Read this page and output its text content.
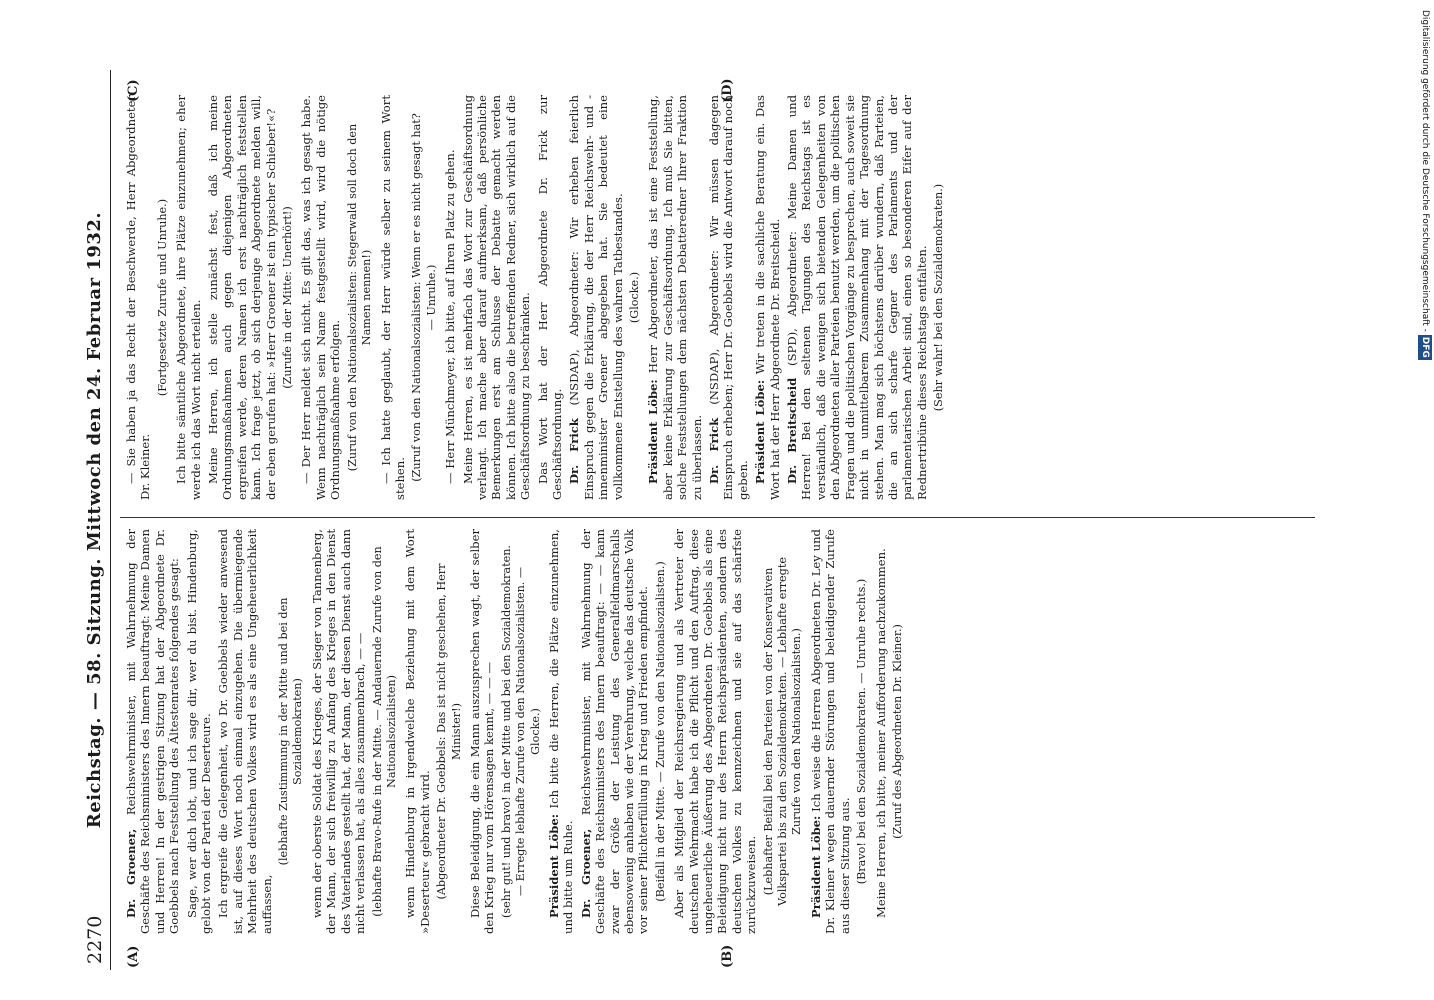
2270
Reichstag. — 58. Sitzung. Mittwoch den 24. Februar 1932.
(A)	(B)
(C)	(D)
Dr. Groener, Reichswehrminister, mit Wahrnehmung der Geschäfte des Reichsministers des Innern beauftragt: Meine Damen und Herren! In der gestrigen Sitzung hat der Abgeordnete Dr. Goebbels nach Feststellung des Ältestenrates folgendes gesagt: Sage, wer dich lobt, und ich sage dir, wer du bist. Hindenburg, gelobt von der Partei der Deserteure. Ich ergreife die Gelegenheit, wo Dr. Goebbels wieder anwesend ist, auf dieses Wort noch einmal einzugehen. Die übermiegende Mehrheit des deutschen Volkes wird es als eine Ungeheuerlichkeit auffassen,
(lebhafte Zustimmung in der Mitte und bei den Sozialdemokraten) wenn der oberste Soldat des Krieges, der Sieger von Tannenberg, der Mann, der sich freiwillig zu Anfang des Krieges in den Dienst des Vaterlandes gestellt hat, der Mann, der diesen Dienst auch dann nicht verlassen hat, als alles zusammenbrach, — — (lebhafte Bravo-Rufe in der Mitte. — Andauernde Zurufe von den Nationalsozialisten) wenn Hindenburg in irgendwelche Beziehung mit dem Wort »Deserteur« gebracht wird. (Abgeordneter Dr. Goebbels: Das ist nicht geschehen, Herr Minister!) Diese Beleidigung, die ein Mann auszusprechen wagt, der selber den Krieg nur vom Hörensagen kennt, — — — (sehr gut! und bravo! in der Mitte und bei den Sozialdemokraten. — Erregte lebhafte Zurufe von den Nationalsozialisten. — Glocke.)
Präsident Löbe: Ich bitte die Herren, die Plätze einzunehmen, und bitte um Ruhe. Dr. Groener, Reichswehrminister, mit Wahrnehmung der Geschäfte des Reichsministers des Innern beauftragt: — — kann zwar der Größe der Leistung des Generalfeldmarschalls ebensowenig anhaben wie der Verehrung, welche das deutsche Volk vor seiner Pflichterfüllung in Krieg und Frieden empfindet. (Beifall in der Mitte. — Zurufe von den Nationalsozialisten.) Aber als Mitglied der Reichsregierung und als Vertreter der deutschen Wehrmacht habe ich die Pflicht und den Auftrag, diese ungeheuerliche Äußerung des Abgeordneten Dr. Goebbels als eine Beleidigung nicht nur des Herrn Reichspräsidenten, sondern des deutschen Volkes zu kennzeichnen und sie auf das schärfste zurückzuweisen. (Lebhafter Beifall bei den Parteien von der Konservativen Volkspartei bis zu den Sozialdemokraten. — Lebhafte erregte Zurufe von den Nationalsozialisten.)
Präsident Löbe: Ich weise die Herren Abgeordneten Dr. Ley und Dr. Kleiner wegen dauernder Störungen und beleidigender Zurufe aus dieser Sitzung aus. (Bravo! bei den Sozialdemokraten. — Unruhe rechts.) Meine Herren, ich bitte, meiner Aufforderung nachzukommen. (Zuruf des Abgeordneten Dr. Kleiner.)
— Sie haben ja das Recht der Beschwerde, Herr Abgeordneter Dr. Kleiner.
(Fortgesetzte Zurufe und Unruhe.) Ich bitte sämtliche Abgeordnete, ihre Plätze einzunehmen; eher werde ich das Wort nicht erteilen. Meine Herren, ich stelle zunächst fest, daß ich meine Ordnungsmaßnahmen auch gegen diejenigen Abgeordneten ergreifen werde, deren Namen ich erst nachträglich feststellen kann. Ich frage jetzt, ob sich derjenige Abgeordnete melden will, der eben gerufen hat: »Herr Groener ist ein typischer Schieber!«? (Zurufe in der Mitte: Unerhört!) — Der Herr meldet sich nicht. Es gilt das, was ich gesagt habe. Wenn nachträglich sein Name festgestellt wird, wird die nötige Ordnungsmaßnahme erfolgen. (Zuruf von den Nationalsozialisten: Stegerwald soll doch den Namen nennen!) — Ich hatte geglaubt, der Herr würde selber zu seinem Wort stehen. (Zuruf von den Nationalsozialisten: Wenn er es nicht gesagt hat? — Unruhe.) — Herr Münchmeyer, ich bitte, auf Ihren Platz zu gehen. Meine Herren, es ist mehrfach das Wort zur Geschäftsordnung verlangt. Ich mache aber darauf aufmerksam, daß persönliche Bemerkungen erst am Schlusse der Debatte gemacht werden können. Ich bitte also die betreffenden Redner, sich wirklich auf die Geschäftsordnung zu beschränken. Das Wort hat der Herr Abgeordnete Dr. Frick zur Geschäftsordnung. Dr. Frick (NSDAP), Abgeordneter: Wir erheben feierlich Einspruch gegen die Erklärung, die der Herr Reichswehr- und -innenminister Groener abgegeben hat. Sie bedeutet eine vollkommene Entstellung des wahren Tatbestandes. (Glocke.)
Präsident Löbe: Herr Abgeordneter, das ist eine Feststellung, aber keine Erklärung zur Geschäftsordnung. Ich muß Sie bitten, solche Feststellungen dem nächsten Debatteredner Ihrer Fraktion zu überlassen. Dr. Frick (NSDAP), Abgeordneter: Wir müssen dagegen Einspruch erheben; Herr Dr. Goebbels wird die Antwort darauf noch geben. Präsident Löbe: Wir treten in die sachliche Beratung ein. Das Wort hat der Herr Abgeordnete Dr. Breitscheid. Dr. Breitscheid (SPD), Abgeordneter: Meine Damen und Herren! Bei den seltenen Tagungen des Reichstags ist es verständlich, daß die wenigen sich bietenden Gelegenheiten von den Abgeordneten aller Parteien benutzt werden, um die politischen Fragen und die politischen Vorgänge zu besprechen, auch soweit sie nicht in unmittelbarem Zusammenhang mit der Tagesordnung stehen. Man mag sich höchstens darüber wundern, daß Parteien, die an sich scharfe Gegner des Parlaments und der parlamentarischen Arbeit sind, einen so besonderen Eifer auf der Rednertribüne dieses Reichstags entfalten. (Sehr wahr! bei den Sozialdemokraten.)	Digitalisierung gefördert durch die Deutsche Forschungsgemeinschaft - DFG
